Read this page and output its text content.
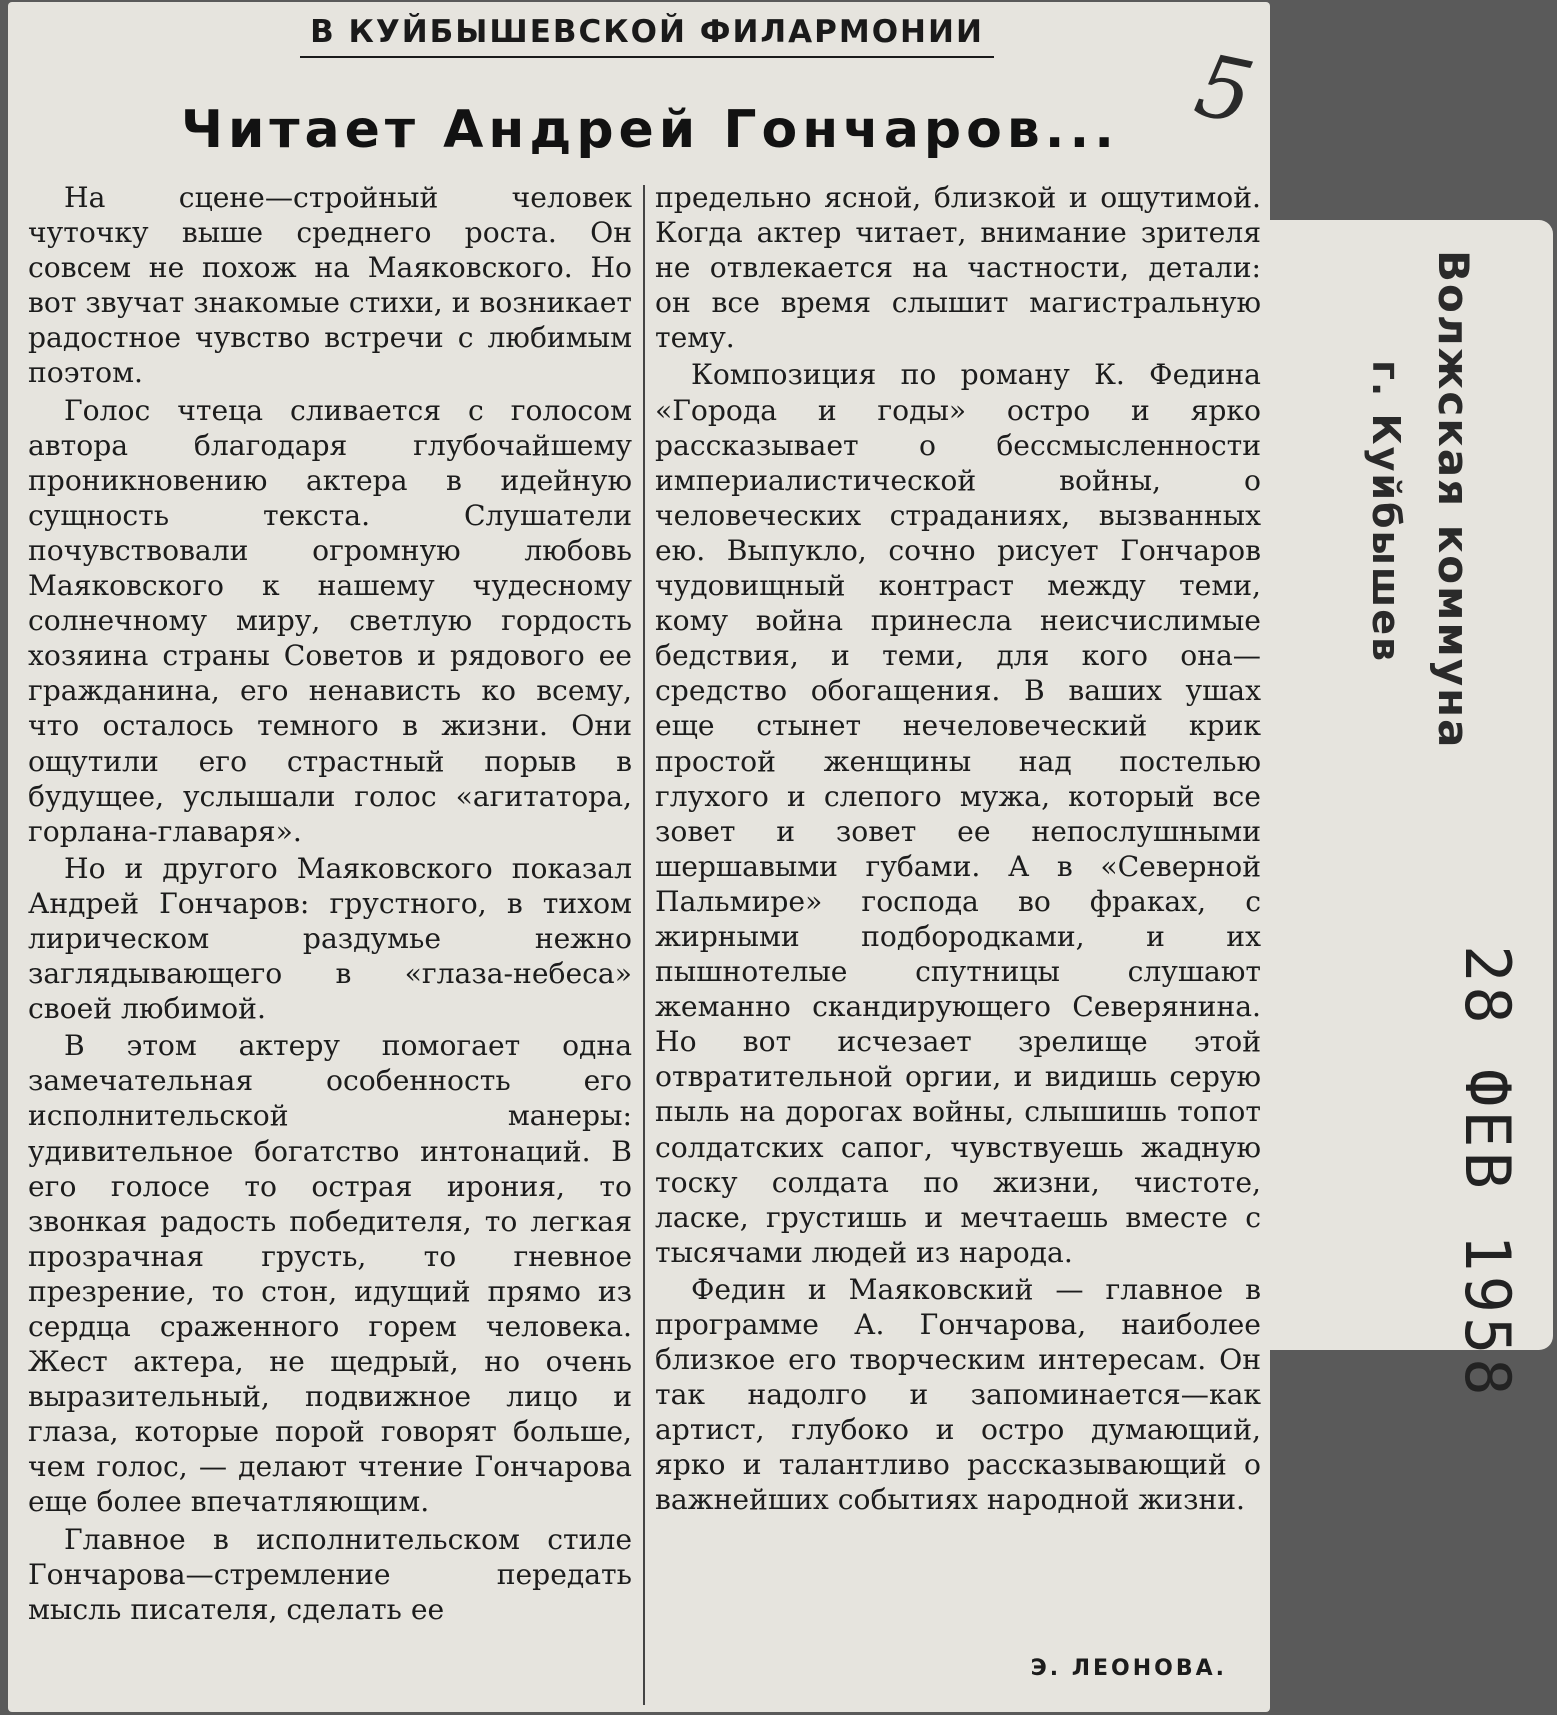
В КУЙБЫШЕВСКОЙ ФИЛАРМОНИИ
Читает Андрей Гончаров... 5

На сцене—стройный человек чуточку выше среднего роста. Он совсем не похож на Маяковского. Но вот звучат знакомые стихи, и возникает радостное чувство встречи с любимым поэтом.

Голос чтеца сливается с голосом автора благодаря глубочайшему проникновению актера в идейную сущность текста. Слушатели почувствовали огромную любовь Маяковского к нашему чудесному солнечному миру, светлую гордость хозяина страны Советов и рядового ее гражданина, его ненависть ко всему, что осталось темного в жизни. Они ощутили его страстный порыв в будущее, услышали голос «агитатора, горлана-главаря».

Но и другого Маяковского показал Андрей Гончаров: грустного, в тихом лирическом раздумье нежно заглядывающего в «глаза-небеса» своей любимой.

В этом актеру помогает одна замечательная особенность его исполнительской манеры: удивительное богатство интонаций. В его голосе то острая ирония, то звонкая радость победителя, то легкая прозрачная грусть, то гневное презрение, то стон, идущий прямо из сердца сраженного горем человека. Жест актера, не щедрый, но очень выразительный, подвижное лицо и глаза, которые порой говорят больше, чем голос, — делают чтение Гончарова еще более впечатляющим.

Главное в исполнительском стиле Гончарова—стремление передать мысль писателя, сделать ее

предельно ясной, близкой и ощутимой. Когда актер читает, внимание зрителя не отвлекается на частности, детали: он все время слышит магистральную тему.

Композиция по роману К. Федина «Города и годы» остро и ярко рассказывает о бессмысленности империалистической войны, о человеческих страданиях, вызванных ею. Выпукло, сочно рисует Гончаров чудовищный контраст между теми, кому война принесла неисчислимые бедствия, и теми, для кого она—средство обогащения. В ваших ушах еще стынет нечеловеческий крик простой женщины над постелью глухого и слепого мужа, который все зовет и зовет ее непослушными шершавыми губами. А в «Северной Пальмире» господа во фраках, с жирными подбородками, и их пышнотелые спутницы слушают жеманно скандирующего Северянина. Но вот исчезает зрелище этой отвратительной оргии, и видишь серую пыль на дорогах войны, слышишь топот солдатских сапог, чувствуешь жадную тоску солдата по жизни, чистоте, ласке, грустишь и мечтаешь вместе с тысячами людей из народа.

Федин и Маяковский — главное в программе А. Гончарова, наиболее близкое его творческим интересам. Он так надолго и запоминается—как артист, глубоко и остро думающий, ярко и талантливо рассказывающий о важнейших событиях народной жизни.

Э. ЛЕОНОВА.
Волжская коммуна
г. Куйбышев
28 ФЕВ 1958
